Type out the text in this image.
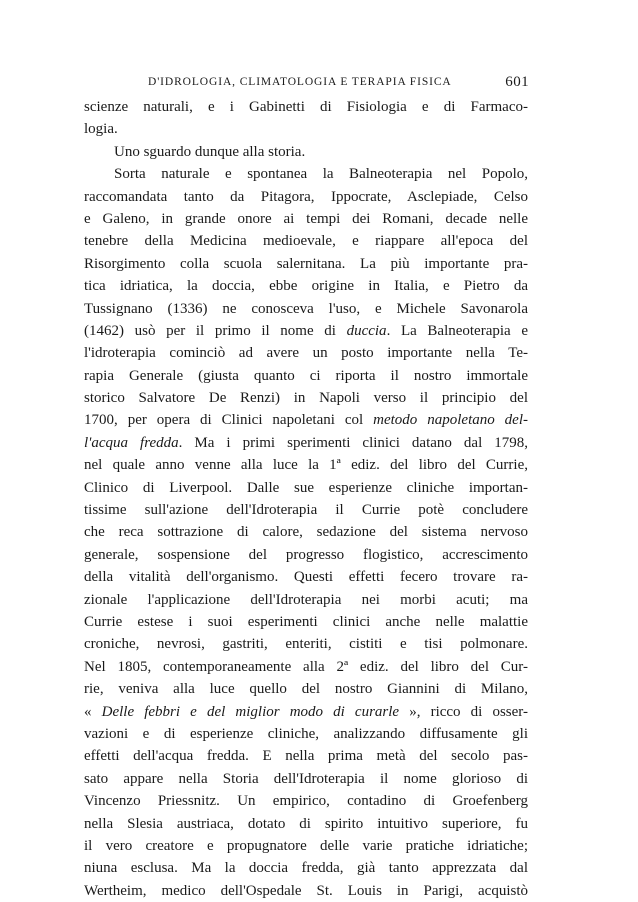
D'IDROLOGIA, CLIMATOLOGIA E TERAPIA FISICA	601
scienze naturali, e i Gabinetti di Fisiologia e di Farmaco-
logia.
Uno sguardo dunque alla storia.
Sorta naturale e spontanea la Balneoterapia nel Popolo,
raccomandata tanto da Pitagora, Ippocrate, Asclepiade, Celso
e Galeno, in grande onore ai tempi dei Romani, decade nelle
tenebre della Medicina medioevale, e riappare all'epoca del
Risorgimento colla scuola salernitana. La più importante pra-
tica idriatica, la doccia, ebbe origine in Italia, e Pietro da
Tussignano (1336) ne conosceva l'uso, e Michele Savonarola
(1462) usò per il primo il nome di duccia. La Balneoterapia e
l'idroterapia cominciò ad avere un posto importante nella Te-
rapia Generale (giusta quanto ci riporta il nostro immortale
storico Salvatore De Renzi) in Napoli verso il principio del
1700, per opera di Clinici napoletani col metodo napoletano del-
l'acqua fredda. Ma i primi sperimenti clinici datano dal 1798,
nel quale anno venne alla luce la 1ª ediz. del libro del Currie,
Clinico di Liverpool. Dalle sue esperienze cliniche importan-
tissime sull'azione dell'Idroterapia il Currie potè concludere
che reca sottrazione di calore, sedazione del sistema nervoso
generale, sospensione del progresso flogistico, accrescimento
della vitalità dell'organismo. Questi effetti fecero trovare ra-
zionale l'applicazione dell'Idroterapia nei morbi acuti; ma
Currie estese i suoi esperimenti clinici anche nelle malattie
croniche, nevrosi, gastriti, enteriti, cistiti e tisi polmonare.
Nel 1805, contemporaneamente alla 2ª ediz. del libro del Cur-
rie, veniva alla luce quello del nostro Giannini di Milano,
« Delle febbri e del miglior modo di curarle », ricco di osser-
vazioni e di esperienze cliniche, analizzando diffusamente gli
effetti dell'acqua fredda. E nella prima metà del secolo pas-
sato appare nella Storia dell'Idroterapia il nome glorioso di
Vincenzo Priessnitz. Un empirico, contadino di Groefenberg
nella Slesia austriaca, dotato di spirito intuitivo superiore, fu
il vero creatore e propugnatore delle varie pratiche idriatiche;
niuna esclusa. Ma la doccia fredda, già tanto apprezzata dal
Wertheim, medico dell'Ospedale St. Louis in Parigi, acquistò
